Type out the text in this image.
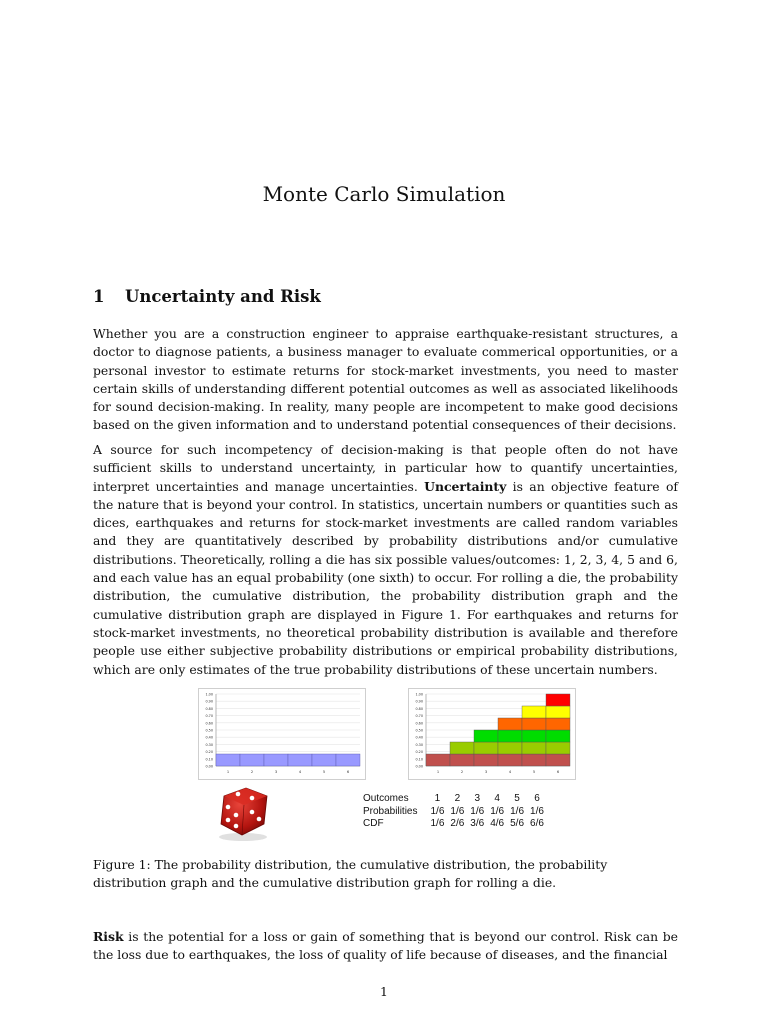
Monte Carlo Simulation
1 Uncertainty and Risk
Whether you are a construction engineer to appraise earthquake-resistant structures, a doctor to diagnose patients, a business manager to evaluate commerical opportunities, or a personal investor to estimate returns for stock-market investments, you need to master certain skills of understanding different potential outcomes as well as associated likelihoods for sound decision-making. In reality, many people are incompetent to make good decisions based on the given information and to understand potential consequences of their decisions.
A source for such incompetency of decision-making is that people often do not have sufficient skills to understand uncertainty, in particular how to quantify uncertainties, interpret uncertainties and manage uncertainties. Uncertainty is an objective feature of the nature that is beyond your control. In statistics, uncertain numbers or quantities such as dices, earthquakes and returns for stock-market investments are called random variables and they are quantitatively described by probability distributions and/or cumulative distributions. Theoretically, rolling a die has six possible values/outcomes: 1, 2, 3, 4, 5 and 6, and each value has an equal probability (one sixth) to occur. For rolling a die, the probability distribution, the cumulative distribution, the probability distribution graph and the cumulative distribution graph are displayed in Figure 1. For earthquakes and returns for stock-market investments, no theoretical probability distribution is available and therefore people use either subjective probability distributions or empirical probability distributions, which are only estimates of the true probability distributions of these uncertain numbers.
0.00
0.10
0.20
0.30
0.40
0.50
0.60
0.70
0.80
0.90
1.00
1	2	3	4	5	6
0.00
0.10
0.20
0.30
0.40
0.50
0.60
0.70
0.80
0.90
1.00
1	2	3	4	5	6
Outcomes	1	2	3	4	5	6
Probabilities	1/6	1/6	1/6	1/6	1/6	1/6
CDF	1/6	2/6	3/6	4/6	5/6	6/6
Figure 1: The probability distribution, the cumulative distribution, the probability distribution graph and the cumulative distribution graph for rolling a die.
Risk is the potential for a loss or gain of something that is beyond our control. Risk can be the loss due to earthquakes, the loss of quality of life because of diseases, and the financial
1
